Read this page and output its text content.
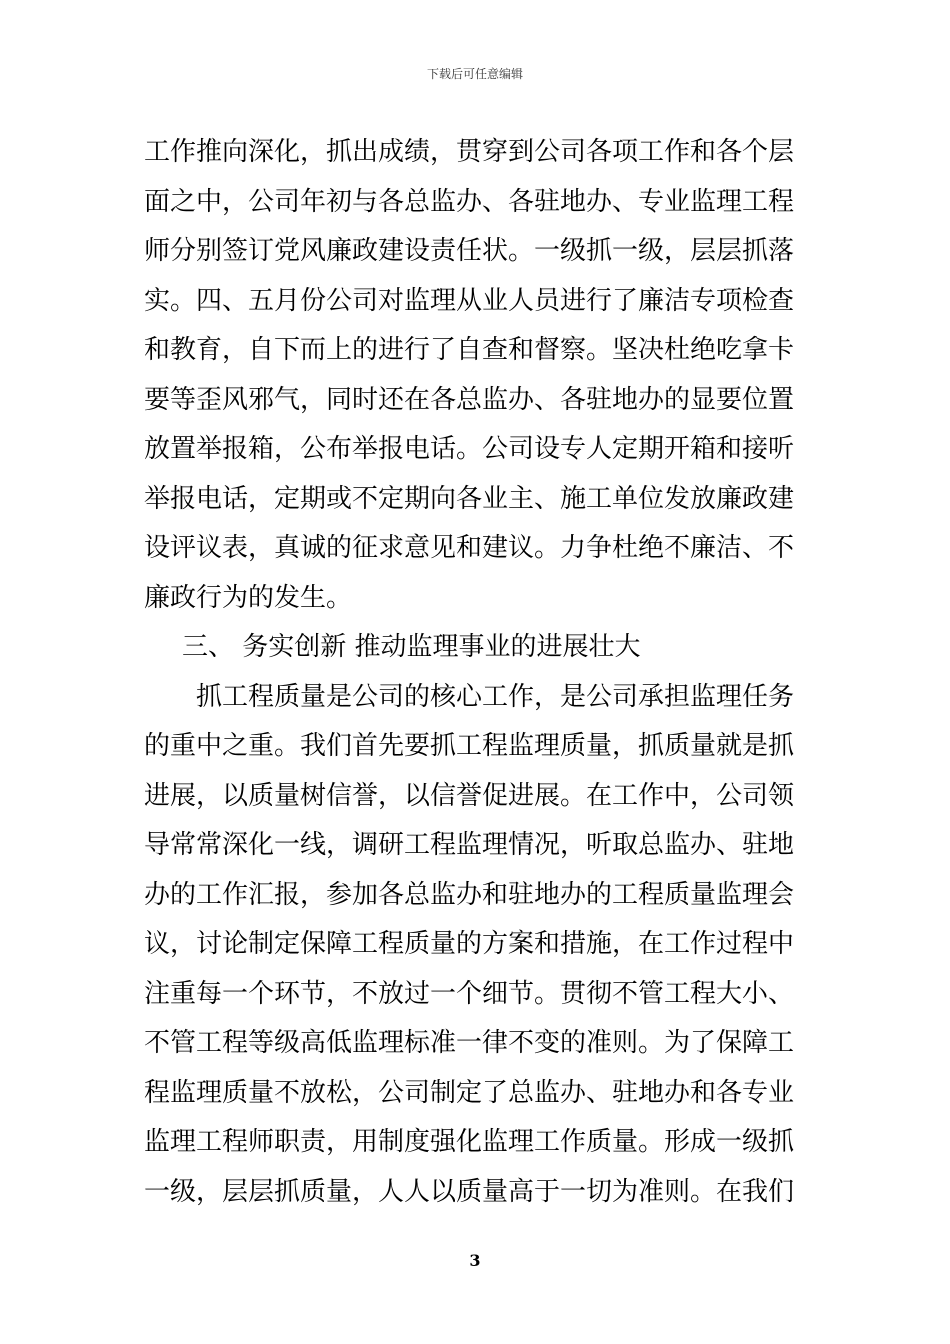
下载后可任意编辑
工作推向深化，抓出成绩，贯穿到公司各项工作和各个层
面之中，公司年初与各总监办、各驻地办、专业监理工程
师分别签订党风廉政建设责任状。一级抓一级，层层抓落
实。四、五月份公司对监理从业人员进行了廉洁专项检查
和教育，自下而上的进行了自查和督察。坚决杜绝吃拿卡
要等歪风邪气，同时还在各总监办、各驻地办的显要位置
放置举报箱，公布举报电话。公司设专人定期开箱和接听
举报电话，定期或不定期向各业主、施工单位发放廉政建
设评议表，真诚的征求意见和建议。力争杜绝不廉洁、不
廉政行为的发生。
三、 务实创新 推动监理事业的进展壮大
抓工程质量是公司的核心工作，是公司承担监理任务
的重中之重。我们首先要抓工程监理质量，抓质量就是抓
进展，以质量树信誉，以信誉促进展。在工作中，公司领
导常常深化一线，调研工程监理情况，听取总监办、驻地
办的工作汇报，参加各总监办和驻地办的工程质量监理会
议，讨论制定保障工程质量的方案和措施，在工作过程中
注重每一个环节，不放过一个细节。贯彻不管工程大小、
不管工程等级高低监理标准一律不变的准则。为了保障工
程监理质量不放松，公司制定了总监办、驻地办和各专业
监理工程师职责，用制度强化监理工作质量。形成一级抓
一级，层层抓质量，人人以质量高于一切为准则。在我们
3
